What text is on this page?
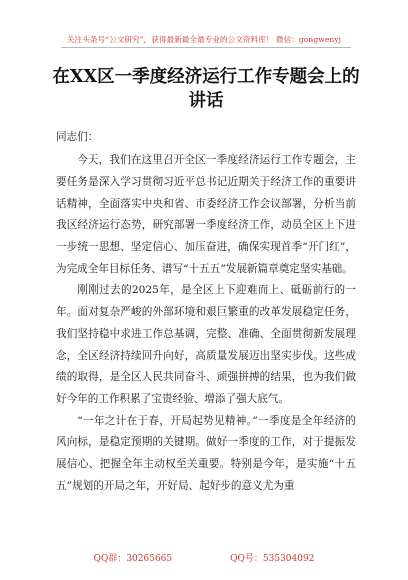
关注头条号“公文研究”，获得最新最全最专业的公文资料库！ 微信：gongwenyj
在XX区一季度经济运行工作专题会上的讲话

同志们：

今天，我们在这里召开全区一季度经济运行工作专题会，主要任务是深入学习贯彻习近平总书记近期关于经济工作的重要讲话精神，全面落实中央和省、市委经济工作会议部署，分析当前我区经济运行态势，研究部署一季度经济工作，动员全区上下进一步统一思想、坚定信心、加压奋进，确保实现首季“开门红”，为完成全年目标任务、谱写“十五五”发展新篇章奠定坚实基础。

刚刚过去的2025年，是全区上下迎难而上、砥砺前行的一年。面对复杂严峻的外部环境和艰巨繁重的改革发展稳定任务，我们坚持稳中求进工作总基调，完整、准确、全面贯彻新发展理念，全区经济持续回升向好，高质量发展迈出坚实步伐。这些成绩的取得，是全区人民共同奋斗、顽强拼搏的结果，也为我们做好今年的工作积累了宝贵经验、增添了强大底气。

“一年之计在于春，开局起势见精神。”一季度是全年经济的风向标，是稳定预期的关键期。做好一季度的工作，对于提振发展信心、把握全年主动权至关重要。特别是今年，是实施“十五五”规划的开局之年，开好局、起好步的意义尤为重

QQ群：30265665	QQ号：535304092
